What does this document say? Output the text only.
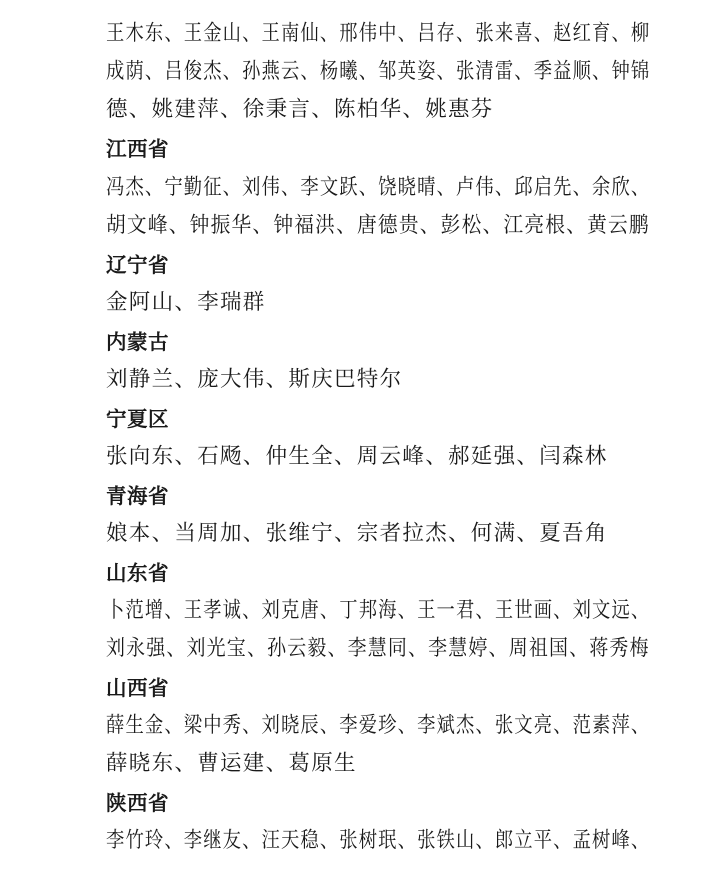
王木东、王金山、王南仙、邢伟中、吕存、张来喜、赵红育、柳
成荫、吕俊杰、孙燕云、杨曦、邹英姿、张清雷、季益顺、钟锦
德、姚建萍、徐秉言、陈柏华、姚惠芬
江西省
冯杰、宁勤征、刘伟、李文跃、饶晓晴、卢伟、邱启先、余欣、
胡文峰、钟振华、钟福洪、唐德贵、彭松、江亮根、黄云鹏
辽宁省
金阿山、李瑞群
内蒙古
刘静兰、庞大伟、斯庆巴特尔
宁夏区
张向东、石飏、仲生全、周云峰、郝延强、闫森林
青海省
娘本、当周加、张维宁、宗者拉杰、何满、夏吾角
山东省
卜范增、王孝诚、刘克唐、丁邦海、王一君、王世画、刘文远、
刘永强、刘光宝、孙云毅、李慧同、李慧婷、周祖国、蒋秀梅
山西省
薛生金、梁中秀、刘晓辰、李爱珍、李斌杰、张文亮、范素萍、
薛晓东、曹运建、葛原生
陕西省
李竹玲、李继友、汪天稳、张树珉、张铁山、郎立平、孟树峰、
